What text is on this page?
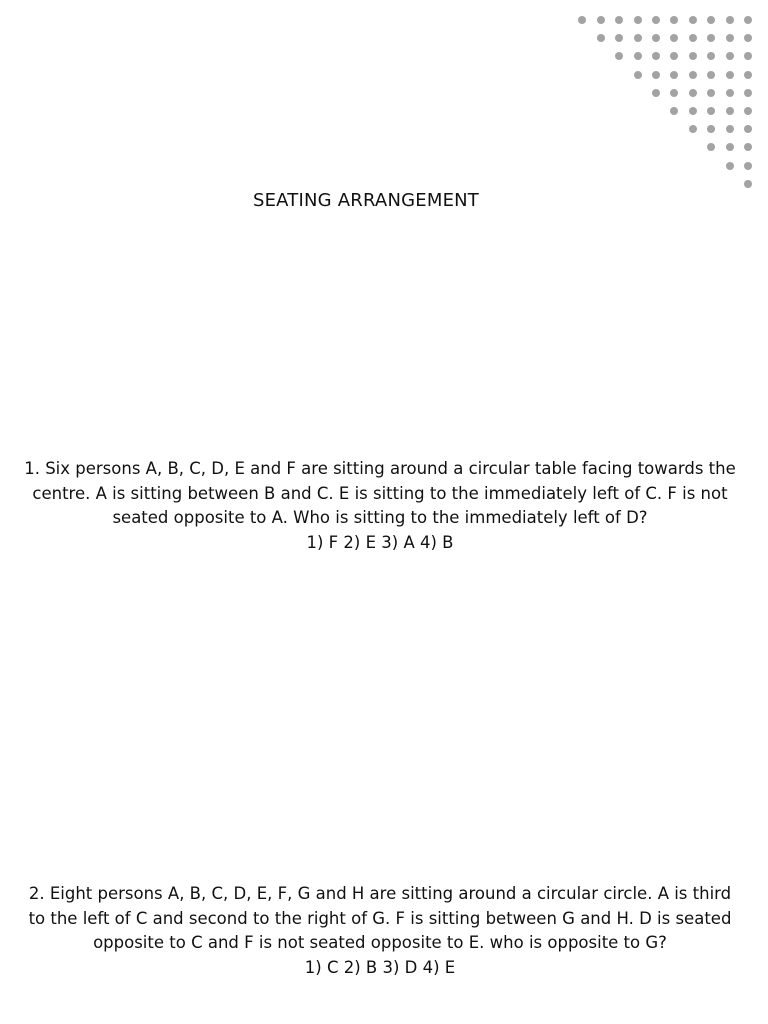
SEATING ARRANGEMENT

1. Six persons A, B, C, D, E and F are sitting around a circular table facing towards the centre. A is sitting between B and C. E is sitting to the immediately left of C. F is not seated opposite to A. Who is sitting to the immediately left of D?

1) F 2) E 3) A 4) B

2. Eight persons A, B, C, D, E, F, G and H are sitting around a circular circle. A is third to the left of C and second to the right of G. F is sitting between G and H. D is seated opposite to C and F is not seated opposite to E. who is opposite to G?

1) C 2) B 3) D 4) E
